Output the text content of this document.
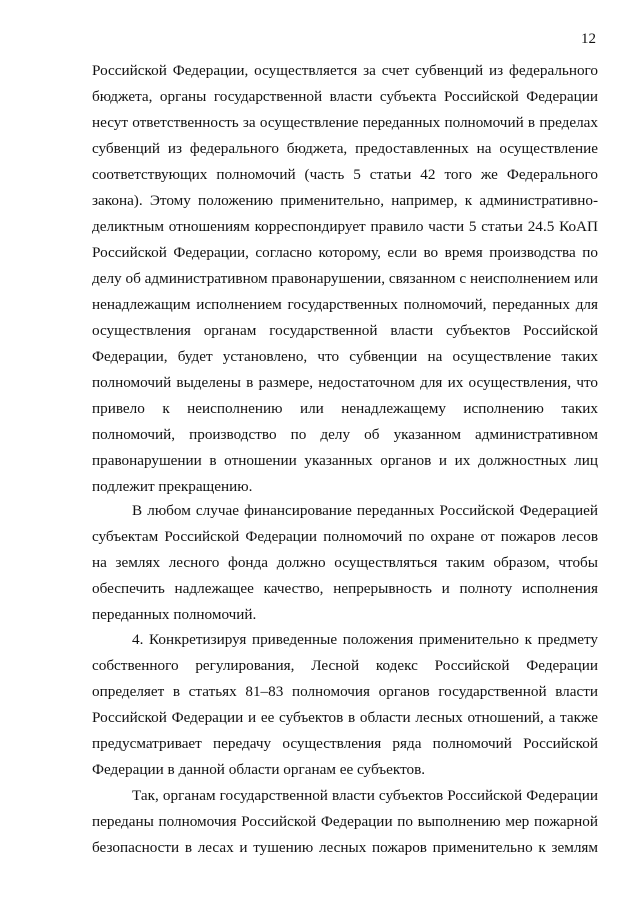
12
Российской Федерации, осуществляется за счет субвенций из федерального
бюджета, органы государственной власти субъекта Российской Федерации
несут ответственность за осуществление переданных полномочий в пределах
субвенций из федерального бюджета, предоставленных на осуществление
соответствующих полномочий (часть 5 статьи 42 того же Федерального
закона). Этому положению применительно, например, к административно-
деликтным отношениям корреспондирует правило части 5 статьи 24.5 КоАП
Российской Федерации, согласно которому, если во время производства по
делу об административном правонарушении, связанном с неисполнением или
ненадлежащим исполнением государственных полномочий, переданных для
осуществления органам государственной власти субъектов Российской
Федерации, будет установлено, что субвенции на осуществление таких
полномочий выделены в размере, недостаточном для их осуществления, что
привело к неисполнению или ненадлежащему исполнению таких
полномочий, производство по делу об указанном административном
правонарушении в отношении указанных органов и их должностных лиц
подлежит прекращению.
В любом случае финансирование переданных Российской Федерацией
субъектам Российской Федерации полномочий по охране от пожаров лесов
на землях лесного фонда должно осуществляться таким образом, чтобы
обеспечить надлежащее качество, непрерывность и полноту исполнения
переданных полномочий.
4. Конкретизируя приведенные положения применительно к предмету
собственного регулирования, Лесной кодекс Российской Федерации
определяет в статьях 81–83 полномочия органов государственной власти
Российской Федерации и ее субъектов в области лесных отношений, а также
предусматривает передачу осуществления ряда полномочий Российской
Федерации в данной области органам ее субъектов.
Так, органам государственной власти субъектов Российской Федерации
переданы полномочия Российской Федерации по выполнению мер пожарной
безопасности в лесах и тушению лесных пожаров применительно к землям
